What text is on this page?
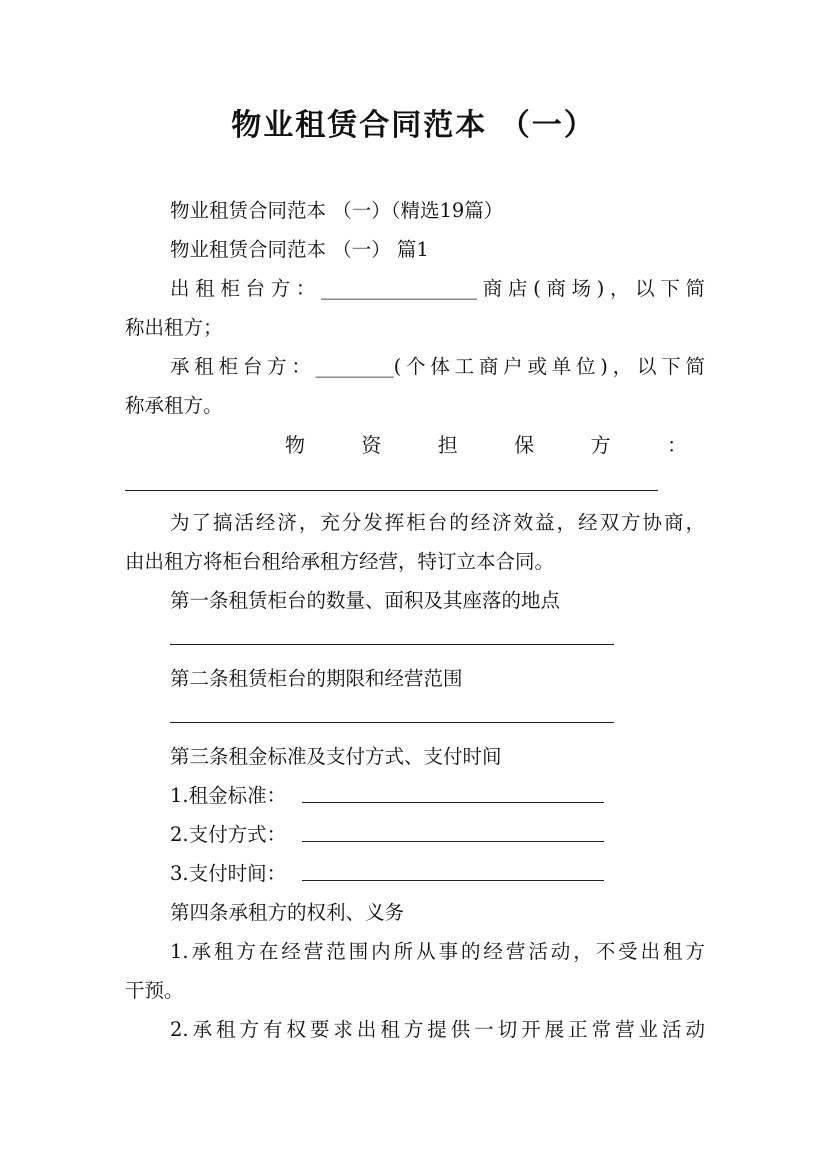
物业租赁合同范本 （一）

物业租赁合同范本 （一）（精选19篇）

物业租赁合同范本 （一） 篇1

出租柜台方：________________商店(商场)，以下简

称出租方；

承租柜台方：________(个体工商户或单位)，以下简

称承租方。

物	资	担	保	方	：

为了搞活经济，充分发挥柜台的经济效益，经双方协商，

由出租方将柜台租给承租方经营，特订立本合同。

第一条租赁柜台的数量、面积及其座落的地点

第二条租赁柜台的期限和经营范围

第三条租金标准及支付方式、支付时间

1.租金标准：

2.支付方式：

3.支付时间：

第四条承租方的权利、义务

1.承租方在经营范围内所从事的经营活动，不受出租方

干预。

2.承租方有权要求出租方提供一切开展正常营业活动
